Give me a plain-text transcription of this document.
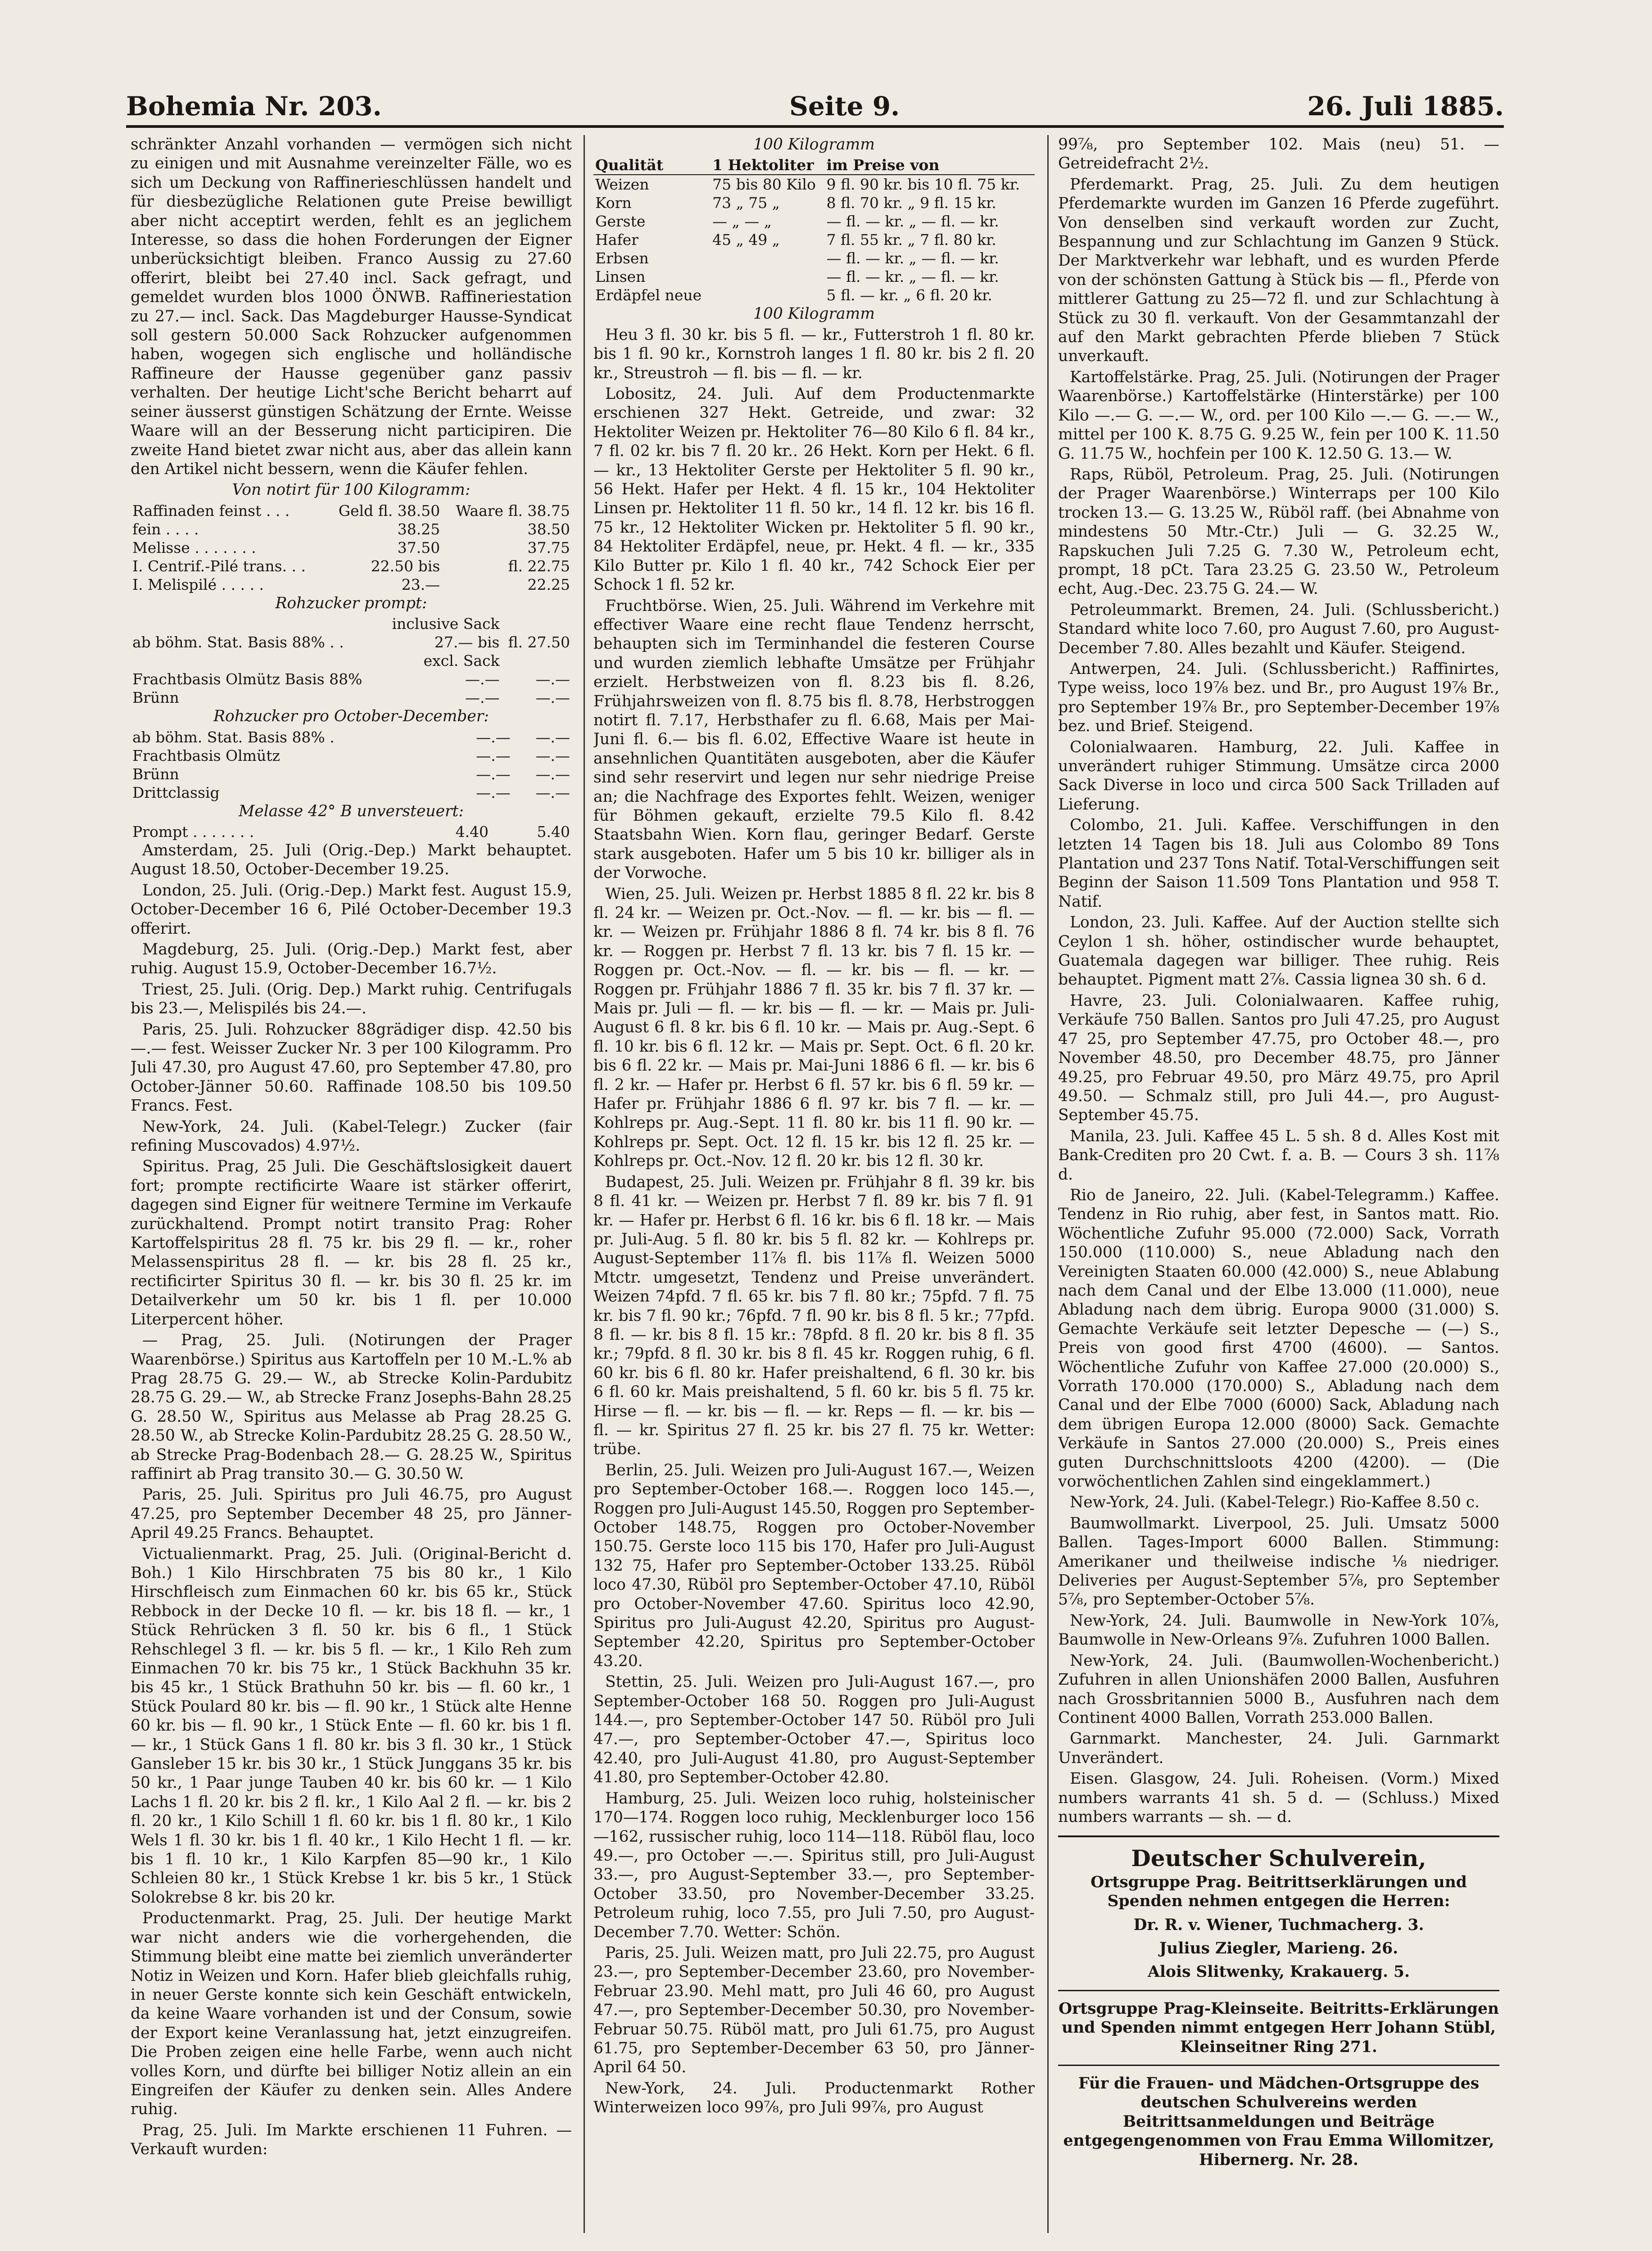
Bohemia Nr. 203.	Seite 9.	26. Juli 1885.

schränkter Anzahl vorhanden — vermögen sich nicht zu einigen und mit Ausnahme vereinzelter Fälle, wo es sich um Deckung von Raffinerieschlüssen handelt und für diesbezügliche Relationen gute Preise bewilligt aber nicht acceptirt werden, fehlt es an jeglichem Interesse, so dass die hohen Forderungen der Eigner unberücksichtigt bleiben. Franco Aussig zu 27.60 offerirt, bleibt bei 27.40 incl. Sack gefragt, und gemeldet wurden blos 1000 ÖNWB. Raffineriestation zu 27.— incl. Sack. Das Magdeburger Hausse-Syndicat soll gestern 50.000 Sack Rohzucker aufgenommen haben, wogegen sich englische und holländische Raffineure der Hausse gegenüber ganz passiv verhalten. Der heutige Licht'sche Bericht beharrt auf seiner äusserst günstigen Schätzung der Ernte. Weisse Waare will an der Besserung nicht participiren. Die zweite Hand bietet zwar nicht aus, aber das allein kann den Artikel nicht bessern, wenn die Käufer fehlen.

Von notirt für 100 Kilogramm:

Raffinaden feinst . . .	Geld fl. 38.50	Waare fl. 38.75
fein . . . .	38.25	38.50
Melisse . . . . . . .	37.50	37.75
I. Centrif.-Pilé trans. . .	22.50 bis	fl. 22.75
I. Melispilé . . . . .	23.—	22.25

Rohzucker prompt:

	inclusive Sack	
ab böhm. Stat. Basis 88% . .	27.— bis	fl. 27.50
	excl. Sack	
Frachtbasis Olmütz Basis 88%	—.—	—.—
Brünn	—.—	—.—

Rohzucker pro October-December:

ab böhm. Stat. Basis 88% .	—.—	—.—
Frachtbasis Olmütz	—.—	—.—
Brünn	—.—	—.—
Drittclassig	—.—	—.—

Melasse 42° B unversteuert:

Prompt . . . . . . .	4.40	5.40

Amsterdam, 25. Juli (Orig.-Dep.) Markt behauptet. August 18.50, October-December 19.25.

London, 25. Juli. (Orig.-Dep.) Markt fest. August 15.9, October-December 16 6, Pilé October-December 19.3 offerirt.

Magdeburg, 25. Juli. (Orig.-Dep.) Markt fest, aber ruhig. August 15.9, October-December 16.7½.

Triest, 25. Juli. (Orig. Dep.) Markt ruhig. Centrifugals bis 23.—, Melispilés bis 24.—.

Paris, 25. Juli. Rohzucker 88grädiger disp. 42.50 bis —.— fest. Weisser Zucker Nr. 3 per 100 Kilogramm. Pro Juli 47.30, pro August 47.60, pro September 47.80, pro October-Jänner 50.60. Raffinade 108.50 bis 109.50 Francs. Fest.

New-York, 24. Juli. (Kabel-Telegr.) Zucker (fair refining Muscovados) 4.97½.

Spiritus. Prag, 25 Juli. Die Geschäftslosigkeit dauert fort; prompte rectificirte Waare ist stärker offerirt, dagegen sind Eigner für weitnere Termine im Verkaufe zurückhaltend. Prompt notirt transito Prag: Roher Kartoffelspiritus 28 fl. 75 kr. bis 29 fl. — kr., roher Melassenspiritus 28 fl. — kr. bis 28 fl. 25 kr., rectificirter Spiritus 30 fl. — kr. bis 30 fl. 25 kr. im Detailverkehr um 50 kr. bis 1 fl. per 10.000 Literpercent höher.

— Prag, 25. Juli. (Notirungen der Prager Waarenbörse.) Spiritus aus Kartoffeln per 10 M.-L.% ab Prag 28.75 G. 29.— W., ab Strecke Kolin-Pardubitz 28.75 G. 29.— W., ab Strecke Franz Josephs-Bahn 28.25 G. 28.50 W., Spiritus aus Melasse ab Prag 28.25 G. 28.50 W., ab Strecke Kolin-Pardubitz 28.25 G. 28.50 W., ab Strecke Prag-Bodenbach 28.— G. 28.25 W., Spiritus raffinirt ab Prag transito 30.— G. 30.50 W.

Paris, 25. Juli. Spiritus pro Juli 46.75, pro August 47.25, pro September December 48 25, pro Jänner-April 49.25 Francs. Behauptet.

Victualienmarkt. Prag, 25. Juli. (Original-Bericht d. Boh.) 1 Kilo Hirschbraten 75 bis 80 kr., 1 Kilo Hirschfleisch zum Einmachen 60 kr. bis 65 kr., Stück Rebbock in der Decke 10 fl. — kr. bis 18 fl. — kr., 1 Stück Rehrücken 3 fl. 50 kr. bis 6 fl., 1 Stück Rehschlegel 3 fl. — kr. bis 5 fl. — kr., 1 Kilo Reh zum Einmachen 70 kr. bis 75 kr., 1 Stück Backhuhn 35 kr. bis 45 kr., 1 Stück Brathuhn 50 kr. bis — fl. 60 kr., 1 Stück Poulard 80 kr. bis — fl. 90 kr., 1 Stück alte Henne 60 kr. bis — fl. 90 kr., 1 Stück Ente — fl. 60 kr. bis 1 fl. — kr., 1 Stück Gans 1 fl. 80 kr. bis 3 fl. 30 kr., 1 Stück Gansleber 15 kr. bis 30 kr., 1 Stück Junggans 35 kr. bis 50 kr., 1 Paar junge Tauben 40 kr. bis 60 kr. — 1 Kilo Lachs 1 fl. 20 kr. bis 2 fl. kr., 1 Kilo Aal 2 fl. — kr. bis 2 fl. 20 kr., 1 Kilo Schill 1 fl. 60 kr. bis 1 fl. 80 kr., 1 Kilo Wels 1 fl. 30 kr. bis 1 fl. 40 kr., 1 Kilo Hecht 1 fl. — kr. bis 1 fl. 10 kr., 1 Kilo Karpfen 85—90 kr., 1 Kilo Schleien 80 kr., 1 Stück Krebse 1 kr. bis 5 kr., 1 Stück Solokrebse 8 kr. bis 20 kr.

Productenmarkt. Prag, 25. Juli. Der heutige Markt war nicht anders wie die vorhergehenden, die Stimmung bleibt eine matte bei ziemlich unveränderter Notiz in Weizen und Korn. Hafer blieb gleichfalls ruhig, in neuer Gerste konnte sich kein Geschäft entwickeln, da keine Waare vorhanden ist und der Consum, sowie der Export keine Veranlassung hat, jetzt einzugreifen. Die Proben zeigen eine helle Farbe, wenn auch nicht volles Korn, und dürfte bei billiger Notiz allein an ein Eingreifen der Käufer zu denken sein. Alles Andere ruhig.

Prag, 25. Juli. Im Markte erschienen 11 Fuhren. — Verkauft wurden:

100 Kilogramm

Qualität	1 Hektoliter	im Preise von
Weizen	75 bis 80 Kilo	9 fl. 90 kr. bis 10 fl. 75 kr.
Korn	73 „ 75 „	8 fl. 70 kr. „ 9 fl. 15 kr.
Gerste	— „ — „	— fl. — kr. „ — fl. — kr.
Hafer	45 „ 49 „	7 fl. 55 kr. „ 7 fl. 80 kr.
Erbsen		— fl. — kr. „ — fl. — kr.
Linsen		— fl. — kr. „ — fl. — kr.
Erdäpfel neue		5 fl. — kr. „ 6 fl. 20 kr.

100 Kilogramm

Heu 3 fl. 30 kr. bis 5 fl. — kr., Futterstroh 1 fl. 80 kr. bis 1 fl. 90 kr., Kornstroh langes 1 fl. 80 kr. bis 2 fl. 20 kr., Streustroh — fl. bis — fl. — kr.

Lobositz, 24. Juli. Auf dem Productenmarkte erschienen 327 Hekt. Getreide, und zwar: 32 Hektoliter Weizen pr. Hektoliter 76—80 Kilo 6 fl. 84 kr., 7 fl. 02 kr. bis 7 fl. 20 kr.. 26 Hekt. Korn per Hekt. 6 fl. — kr., 13 Hektoliter Gerste per Hektoliter 5 fl. 90 kr., 56 Hekt. Hafer per Hekt. 4 fl. 15 kr., 104 Hektoliter Linsen pr. Hektoliter 11 fl. 50 kr., 14 fl. 12 kr. bis 16 fl. 75 kr., 12 Hektoliter Wicken pr. Hektoliter 5 fl. 90 kr., 84 Hektoliter Erdäpfel, neue, pr. Hekt. 4 fl. — kr., 335 Kilo Butter pr. Kilo 1 fl. 40 kr., 742 Schock Eier per Schock 1 fl. 52 kr.

Fruchtbörse. Wien, 25. Juli. Während im Verkehre mit effectiver Waare eine recht flaue Tendenz herrscht, behaupten sich im Terminhandel die festeren Course und wurden ziemlich lebhafte Umsätze per Frühjahr erzielt. Herbstweizen von fl. 8.23 bis fl. 8.26, Frühjahrsweizen von fl. 8.75 bis fl. 8.78, Herbstroggen notirt fl. 7.17, Herbsthafer zu fl. 6.68, Mais per Mai-Juni fl. 6.— bis fl. 6.02, Effective Waare ist heute in ansehnlichen Quantitäten ausgeboten, aber die Käufer sind sehr reservirt und legen nur sehr niedrige Preise an; die Nachfrage des Exportes fehlt. Weizen, weniger für Böhmen gekauft, erzielte 79.5 Kilo fl. 8.42 Staatsbahn Wien. Korn flau, geringer Bedarf. Gerste stark ausgeboten. Hafer um 5 bis 10 kr. billiger als in der Vorwoche.

Wien, 25. Juli. Weizen pr. Herbst 1885 8 fl. 22 kr. bis 8 fl. 24 kr. — Weizen pr. Oct.-Nov. — fl. — kr. bis — fl. — kr. — Weizen pr. Frühjahr 1886 8 fl. 74 kr. bis 8 fl. 76 kr. — Roggen pr. Herbst 7 fl. 13 kr. bis 7 fl. 15 kr. — Roggen pr. Oct.-Nov. — fl. — kr. bis — fl. — kr. — Roggen pr. Frühjahr 1886 7 fl. 35 kr. bis 7 fl. 37 kr. — Mais pr. Juli — fl. — kr. bis — fl. — kr. — Mais pr. Juli-August 6 fl. 8 kr. bis 6 fl. 10 kr. — Mais pr. Aug.-Sept. 6 fl. 10 kr. bis 6 fl. 12 kr. — Mais pr. Sept. Oct. 6 fl. 20 kr. bis 6 fl. 22 kr. — Mais pr. Mai-Juni 1886 6 fl. — kr. bis 6 fl. 2 kr. — Hafer pr. Herbst 6 fl. 57 kr. bis 6 fl. 59 kr. — Hafer pr. Frühjahr 1886 6 fl. 97 kr. bis 7 fl. — kr. — Kohlreps pr. Aug.-Sept. 11 fl. 80 kr. bis 11 fl. 90 kr. — Kohlreps pr. Sept. Oct. 12 fl. 15 kr. bis 12 fl. 25 kr. — Kohlreps pr. Oct.-Nov. 12 fl. 20 kr. bis 12 fl. 30 kr.

Budapest, 25. Juli. Weizen pr. Frühjahr 8 fl. 39 kr. bis 8 fl. 41 kr. — Weizen pr. Herbst 7 fl. 89 kr. bis 7 fl. 91 kr. — Hafer pr. Herbst 6 fl. 16 kr. bis 6 fl. 18 kr. — Mais pr. Juli-Aug. 5 fl. 80 kr. bis 5 fl. 82 kr. — Kohlreps pr. August-September 11⅞ fl. bis 11⅞ fl. Weizen 5000 Mtctr. umgesetzt, Tendenz und Preise unverändert. Weizen 74pfd. 7 fl. 65 kr. bis 7 fl. 80 kr.; 75pfd. 7 fl. 75 kr. bis 7 fl. 90 kr.; 76pfd. 7 fl. 90 kr. bis 8 fl. 5 kr.; 77pfd. 8 fl. — kr. bis 8 fl. 15 kr.: 78pfd. 8 fl. 20 kr. bis 8 fl. 35 kr.; 79pfd. 8 fl. 30 kr. bis 8 fl. 45 kr. Roggen ruhig, 6 fl. 60 kr. bis 6 fl. 80 kr. Hafer preishaltend, 6 fl. 30 kr. bis 6 fl. 60 kr. Mais preishaltend, 5 fl. 60 kr. bis 5 fl. 75 kr. Hirse — fl. — kr. bis — fl. — kr. Reps — fl. — kr. bis — fl. — kr. Spiritus 27 fl. 25 kr. bis 27 fl. 75 kr. Wetter: trübe.

Berlin, 25. Juli. Weizen pro Juli-August 167.—, Weizen pro September-October 168.—. Roggen loco 145.—, Roggen pro Juli-August 145.50, Roggen pro September-October 148.75, Roggen pro October-November 150.75. Gerste loco 115 bis 170, Hafer pro Juli-August 132 75, Hafer pro September-October 133.25. Rüböl loco 47.30, Rüböl pro September-October 47.10, Rüböl pro October-November 47.60. Spiritus loco 42.90, Spiritus pro Juli-August 42.20, Spiritus pro August-September 42.20, Spiritus pro September-October 43.20.

Stettin, 25. Juli. Weizen pro Juli-August 167.—, pro September-October 168 50. Roggen pro Juli-August 144.—, pro September-October 147 50. Rüböl pro Juli 47.—, pro September-October 47.—, Spiritus loco 42.40, pro Juli-August 41.80, pro August-September 41.80, pro September-October 42.80.

Hamburg, 25. Juli. Weizen loco ruhig, holsteinischer 170—174. Roggen loco ruhig, Mecklenburger loco 156—162, russischer ruhig, loco 114—118. Rüböl flau, loco 49.—, pro October —.—. Spiritus still, pro Juli-August 33.—, pro August-September 33.—, pro September-October 33.50, pro November-December 33.25. Petroleum ruhig, loco 7.55, pro Juli 7.50, pro August-December 7.70. Wetter: Schön.

Paris, 25. Juli. Weizen matt, pro Juli 22.75, pro August 23.—, pro September-December 23.60, pro November-Februar 23.90. Mehl matt, pro Juli 46 60, pro August 47.—, pro September-December 50.30, pro November-Februar 50.75. Rüböl matt, pro Juli 61.75, pro August 61.75, pro September-December 63 50, pro Jänner-April 64 50.

New-York, 24. Juli. Productenmarkt Rother Winterweizen loco 99⅞, pro Juli 99⅞, pro August

99⅞, pro September 102. Mais (neu) 51. — Getreidefracht 2½.

Pferdemarkt. Prag, 25. Juli. Zu dem heutigen Pferdemarkte wurden im Ganzen 16 Pferde zugeführt. Von denselben sind verkauft worden zur Zucht, Bespannung und zur Schlachtung im Ganzen 9 Stück. Der Marktverkehr war lebhaft, und es wurden Pferde von der schönsten Gattung à Stück bis — fl., Pferde von mittlerer Gattung zu 25—72 fl. und zur Schlachtung à Stück zu 30 fl. verkauft. Von der Gesammtanzahl der auf den Markt gebrachten Pferde blieben 7 Stück unverkauft.

Kartoffelstärke. Prag, 25. Juli. (Notirungen der Prager Waarenbörse.) Kartoffelstärke (Hinterstärke) per 100 Kilo —.— G. —.— W., ord. per 100 Kilo —.— G. —.— W., mittel per 100 K. 8.75 G. 9.25 W., fein per 100 K. 11.50 G. 11.75 W., hochfein per 100 K. 12.50 G. 13.— W.

Raps, Rüböl, Petroleum. Prag, 25. Juli. (Notirungen der Prager Waarenbörse.) Winterraps per 100 Kilo trocken 13.— G. 13.25 W., Rüböl raff. (bei Abnahme von mindestens 50 Mtr.-Ctr.) Juli — G. 32.25 W., Rapskuchen Juli 7.25 G. 7.30 W., Petroleum echt, prompt, 18 pCt. Tara 23.25 G. 23.50 W., Petroleum echt, Aug.-Dec. 23.75 G. 24.— W.

Petroleummarkt. Bremen, 24. Juli. (Schlussbericht.) Standard white loco 7.60, pro August 7.60, pro August-December 7.80. Alles bezahlt und Käufer. Steigend.

Antwerpen, 24. Juli. (Schlussbericht.) Raffinirtes, Type weiss, loco 19⅞ bez. und Br., pro August 19⅞ Br., pro September 19⅞ Br., pro September-December 19⅞ bez. und Brief. Steigend.

Colonialwaaren. Hamburg, 22. Juli. Kaffee in unverändert ruhiger Stimmung. Umsätze circa 2000 Sack Diverse in loco und circa 500 Sack Trilladen auf Lieferung.

Colombo, 21. Juli. Kaffee. Verschiffungen in den letzten 14 Tagen bis 18. Juli aus Colombo 89 Tons Plantation und 237 Tons Natif. Total-Verschiffungen seit Beginn der Saison 11.509 Tons Plantation und 958 T. Natif.

London, 23. Juli. Kaffee. Auf der Auction stellte sich Ceylon 1 sh. höher, ostindischer wurde behauptet, Guatemala dagegen war billiger. Thee ruhig. Reis behauptet. Pigment matt 2⅞. Cassia lignea 30 sh. 6 d.

Havre, 23. Juli. Colonialwaaren. Kaffee ruhig, Verkäufe 750 Ballen. Santos pro Juli 47.25, pro August 47 25, pro September 47.75, pro October 48.—, pro November 48.50, pro December 48.75, pro Jänner 49.25, pro Februar 49.50, pro März 49.75, pro April 49.50. — Schmalz still, pro Juli 44.—, pro August-September 45.75.

Manila, 23. Juli. Kaffee 45 L. 5 sh. 8 d. Alles Kost mit Bank-Crediten pro 20 Cwt. f. a. B. — Cours 3 sh. 11⅞ d.

Rio de Janeiro, 22. Juli. (Kabel-Telegramm.) Kaffee. Tendenz in Rio ruhig, aber fest, in Santos matt. Rio. Wöchentliche Zufuhr 95.000 (72.000) Sack, Vorrath 150.000 (110.000) S., neue Abladung nach den Vereinigten Staaten 60.000 (42.000) S., neue Ablabung nach dem Canal und der Elbe 13.000 (11.000), neue Abladung nach dem übrig. Europa 9000 (31.000) S. Gemachte Verkäufe seit letzter Depesche — (—) S., Preis von good first 4700 (4600). — Santos. Wöchentliche Zufuhr von Kaffee 27.000 (20.000) S., Vorrath 170.000 (170.000) S., Abladung nach dem Canal und der Elbe 7000 (6000) Sack, Abladung nach dem übrigen Europa 12.000 (8000) Sack. Gemachte Verkäufe in Santos 27.000 (20.000) S., Preis eines guten Durchschnittsloots 4200 (4200). — (Die vorwöchentlichen Zahlen sind eingeklammert.)

New-York, 24. Juli. (Kabel-Telegr.) Rio-Kaffee 8.50 c.

Baumwollmarkt. Liverpool, 25. Juli. Umsatz 5000 Ballen. Tages-Import 6000 Ballen. Stimmung: Amerikaner und theilweise indische ⅛ niedriger. Deliveries per August-September 5⅞, pro September 5⅞, pro September-October 5⅞.

New-York, 24. Juli. Baumwolle in New-York 10⅞, Baumwolle in New-Orleans 9⅞. Zufuhren 1000 Ballen.

New-York, 24. Juli. (Baumwollen-Wochenbericht.) Zufuhren in allen Unionshäfen 2000 Ballen, Ausfuhren nach Grossbritannien 5000 B., Ausfuhren nach dem Continent 4000 Ballen, Vorrath 253.000 Ballen.

Garnmarkt. Manchester, 24. Juli. Garnmarkt Unverändert.

Eisen. Glasgow, 24. Juli. Roheisen. (Vorm.) Mixed numbers warrants 41 sh. 5 d. — (Schluss.) Mixed numbers warrants — sh. — d.

Deutscher Schulverein,

Ortsgruppe Prag. Beitrittserklärungen und Spenden nehmen entgegen die Herren:

Dr. R. v. Wiener, Tuchmacherg. 3.

Julius Ziegler, Marieng. 26.

Alois Slitwenky, Krakauerg. 5.

Ortsgruppe Prag-Kleinseite. Beitritts-Erklärungen und Spenden nimmt entgegen Herr Johann Stübl, Kleinseitner Ring 271.

Für die Frauen- und Mädchen-Ortsgruppe des deutschen Schulvereins werden Beitrittsanmeldungen und Beiträge entgegengenommen von Frau Emma Willomitzer, Hibernerg. Nr. 28.
